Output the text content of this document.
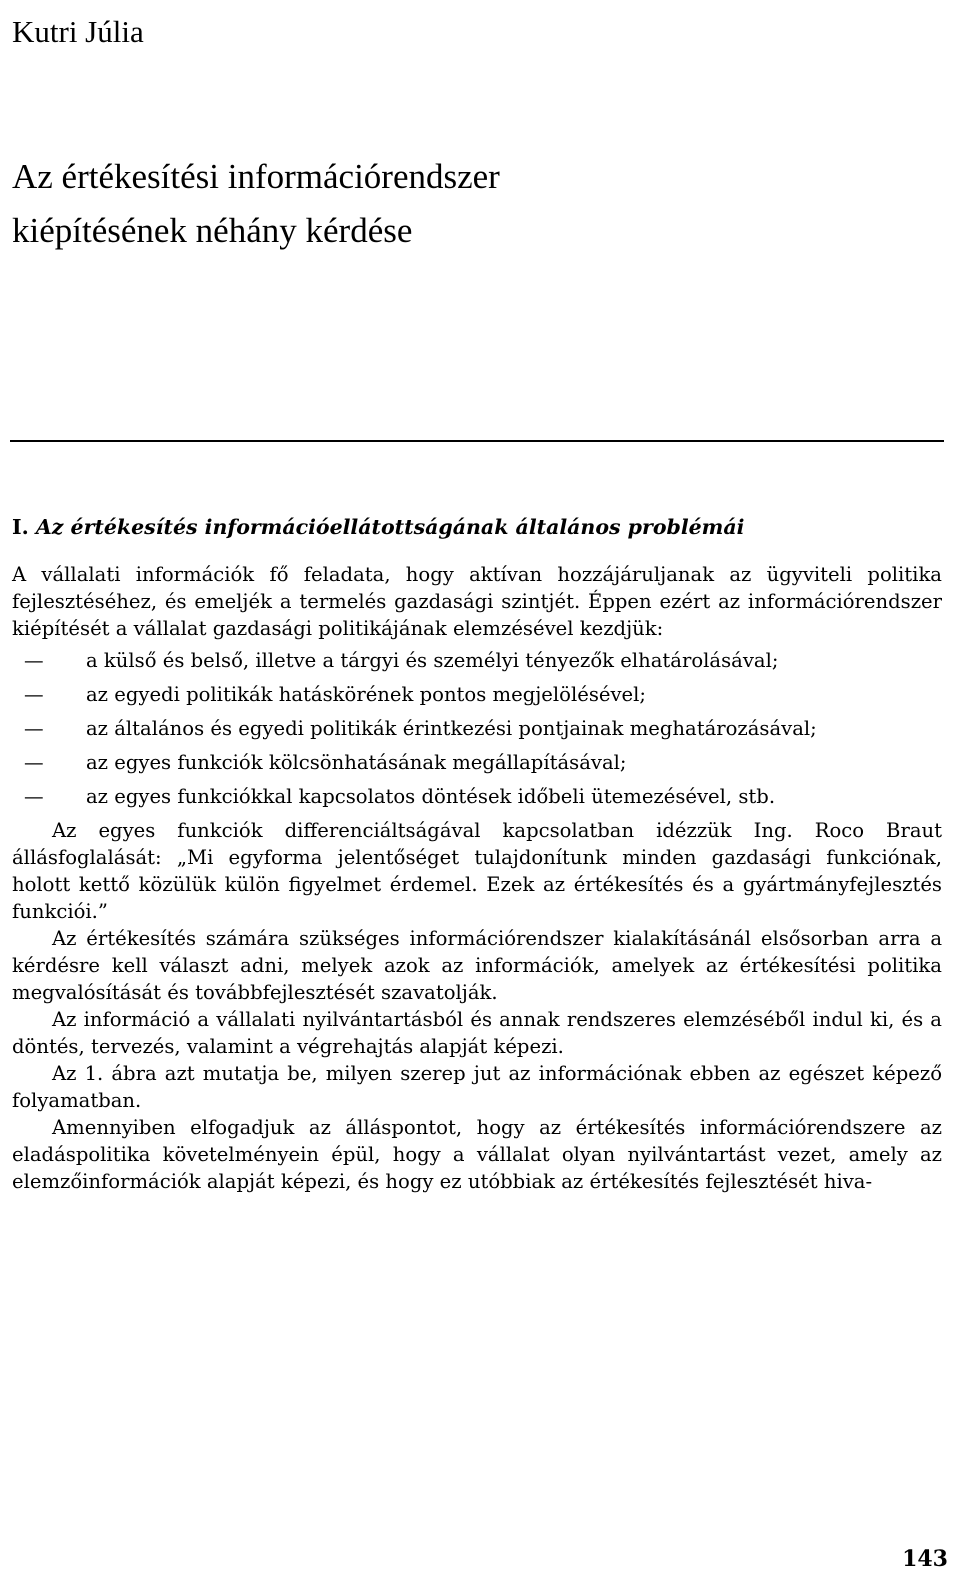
Kutri Júlia
Az értékesítési információrendszer
kiépítésének néhány kérdése
I. Az értékesítés információellátottságának általános problémái

A vállalati információk fő feladata, hogy aktívan hozzájáruljanak az ügyviteli politika fejlesztéséhez, és emeljék a termelés gazdasági szintjét. Éppen ezért az információrendszer kiépítését a vállalat gazdasági politikájának elemzésével kezdjük:

— a külső és belső, illetve a tárgyi és személyi tényezők elhatárolásával;
— az egyedi politikák hatáskörének pontos megjelölésével;
— az általános és egyedi politikák érintkezési pontjainak meghatározásával;
— az egyes funkciók kölcsönhatásának megállapításával;
— az egyes funkciókkal kapcsolatos döntések időbeli ütemezésével, stb.

Az egyes funkciók differenciáltságával kapcsolatban idézzük Ing. Roco Braut állásfoglalását: „Mi egyforma jelentőséget tulajdonítunk minden gazdasági funkciónak, holott kettő közülük külön figyelmet érdemel. Ezek az értékesítés és a gyártmányfejlesztés funkciói.”

Az értékesítés számára szükséges információrendszer kialakításánál elsősorban arra a kérdésre kell választ adni, melyek azok az információk, amelyek az értékesítési politika megvalósítását és továbbfejlesztését szavatolják.

Az információ a vállalati nyilvántartásból és annak rendszeres elemzéséből indul ki, és a döntés, tervezés, valamint a végrehajtás alapját képezi.

Az 1. ábra azt mutatja be, milyen szerep jut az információnak ebben az egészet képező folyamatban.

Amennyiben elfogadjuk az álláspontot, hogy az értékesítés információrendszere az eladáspolitika követelményein épül, hogy a vállalat olyan nyilvántartást vezet, amely az elemzőinformációk alapját képezi, és hogy ez utóbbiak az értékesítés fejlesztését hiva-

143
